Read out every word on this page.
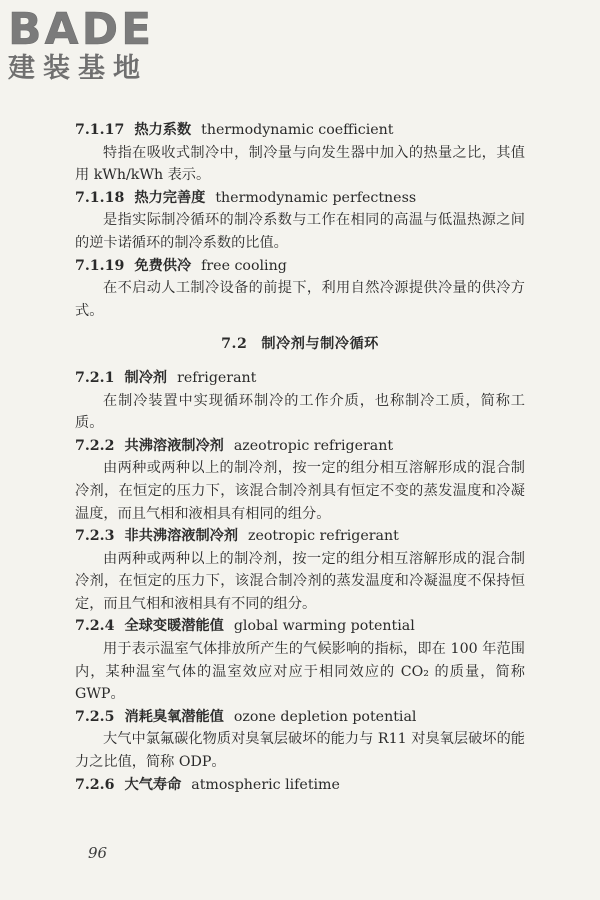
BADE
建装基地
7.1.17 热力系数 thermodynamic coefficient
特指在吸收式制冷中，制冷量与向发生器中加入的热量之比，其值用 kWh/kWh 表示。
7.1.18 热力完善度 thermodynamic perfectness
是指实际制冷循环的制冷系数与工作在相同的高温与低温热源之间的逆卡诺循环的制冷系数的比值。
7.1.19 免费供冷 free cooling
在不启动人工制冷设备的前提下，利用自然冷源提供冷量的供冷方式。
7.2 制冷剂与制冷循环
7.2.1 制冷剂 refrigerant
在制冷装置中实现循环制冷的工作介质，也称制冷工质，简称工质。
7.2.2 共沸溶液制冷剂 azeotropic refrigerant
由两种或两种以上的制冷剂，按一定的组分相互溶解形成的混合制冷剂，在恒定的压力下，该混合制冷剂具有恒定不变的蒸发温度和冷凝温度，而且气相和液相具有相同的组分。
7.2.3 非共沸溶液制冷剂 zeotropic refrigerant
由两种或两种以上的制冷剂，按一定的组分相互溶解形成的混合制冷剂，在恒定的压力下，该混合制冷剂的蒸发温度和冷凝温度不保持恒定，而且气相和液相具有不同的组分。
7.2.4 全球变暖潜能值 global warming potential
用于表示温室气体排放所产生的气候影响的指标，即在 100 年范围内，某种温室气体的温室效应对应于相同效应的 CO₂ 的质量，简称 GWP。
7.2.5 消耗臭氧潜能值 ozone depletion potential
大气中氯氟碳化物质对臭氧层破坏的能力与 R11 对臭氧层破坏的能力之比值，简称 ODP。
7.2.6 大气寿命 atmospheric lifetime
96
